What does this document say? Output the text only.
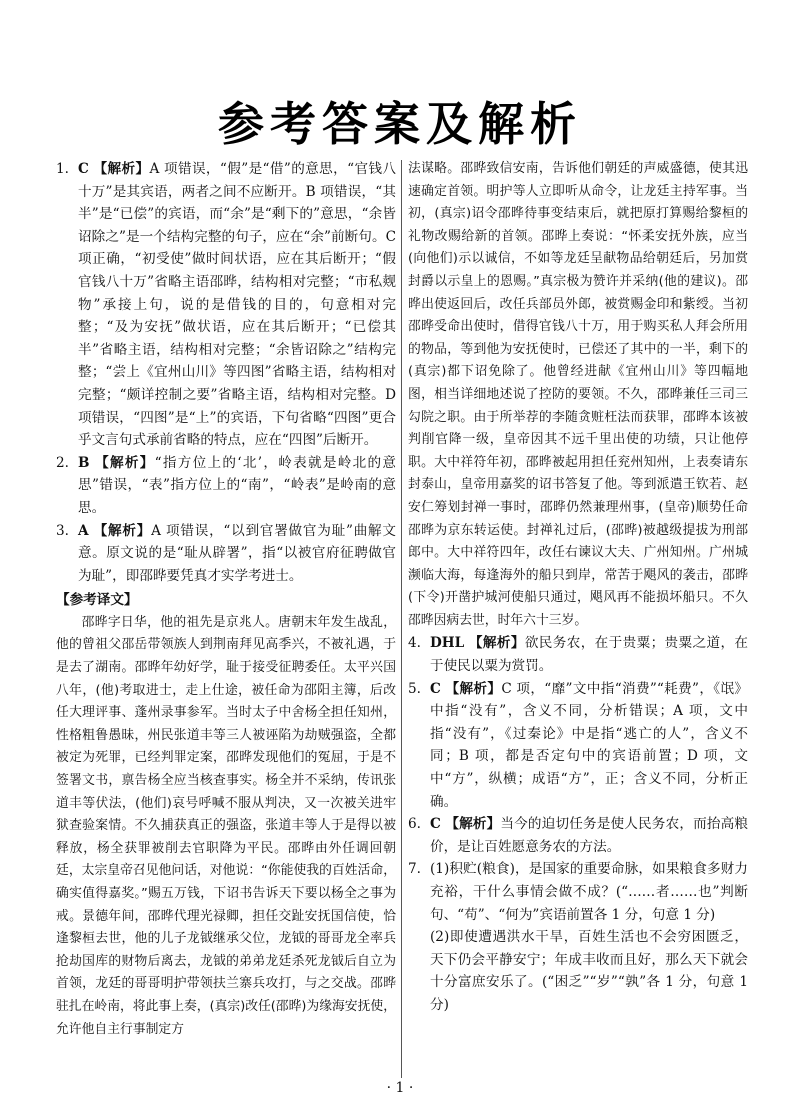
参考答案及解析
1. C 【解析】A 项错误，“假”是“借”的意思，“官钱八十万”是其宾语，两者之间不应断开。B 项错误，“其半”是“已偿”的宾语，而“余”是“剩下的”意思，“余皆诏除之”是一个结构完整的句子，应在“余”前断句。C 项正确，“初受使”做时间状语，应在其后断开；“假官钱八十万”省略主语邵晔，结构相对完整；“市私觌物”承接上句，说的是借钱的目的，句意相对完整；“及为安抚”做状语，应在其后断开；“已偿其半”省略主语，结构相对完整；“余皆诏除之”结构完整；“尝上《宜州山川》等四图”省略主语，结构相对完整；“颇详控制之要”省略主语，结构相对完整。D 项错误，“四图”是“上”的宾语，下句省略“四图”更合乎文言句式承前省略的特点，应在“四图”后断开。
2. B 【解析】“指方位上的‘北’，岭表就是岭北的意思”错误，“表”指方位上的“南”，“岭表”是岭南的意思。
3. A 【解析】A 项错误，“以到官署做官为耻”曲解文意。原文说的是“耻从辟署”，指“以被官府征聘做官为耻”，即邵晔要凭真才实学考进士。
【参考译文】

邵晔字日华，他的祖先是京兆人。唐朝末年发生战乱，他的曾祖父邵岳带领族人到荆南拜见高季兴，不被礼遇，于是去了湖南。邵晔年幼好学，耻于接受征聘委任。太平兴国八年，(他)考取进士，走上仕途，被任命为邵阳主簿，后改任大理评事、蓬州录事参军。当时太子中舍杨全担任知州，性格粗鲁愚昧，州民张道丰等三人被诬陷为劫贼强盗，全都被定为死罪，已经判罪定案，邵晔发现他们的冤屈，于是不签署文书，禀告杨全应当核查事实。杨全并不采纳，传讯张道丰等伏法，(他们)哀号呼喊不服从判决，又一次被关进牢狱查验案情。不久捕获真正的强盗，张道丰等人于是得以被释放，杨全获罪被削去官职降为平民。邵晔由外任调回朝廷，太宗皇帝召见他问话，对他说：“你能使我的百姓活命，确实值得嘉奖。”赐五万钱，下诏书告诉天下要以杨全之事为戒。景德年间，邵晔代理光禄卿，担任交趾安抚国信使，恰逢黎桓去世，他的儿子龙钺继承父位，龙钺的哥哥龙全率兵抢劫国库的财物后离去，龙钺的弟弟龙廷杀死龙钺后自立为首领，龙廷的哥哥明护带领扶兰寨兵攻打，与之交战。邵晔驻扎在岭南，将此事上奏，(真宗)改任(邵晔)为缘海安抚使，允许他自主行事制定方

法谋略。邵晔致信安南，告诉他们朝廷的声威盛德，使其迅速确定首领。明护等人立即听从命令，让龙廷主持军事。当初，(真宗)诏令邵晔待事变结束后，就把原打算赐给黎桓的礼物改赐给新的首领。邵晔上奏说：“怀柔安抚外族，应当(向他们)示以诚信，不如等龙廷呈献物品给朝廷后，另加赏封爵以示皇上的恩赐。”真宗极为赞许并采纳(他的建议)。邵晔出使返回后，改任兵部员外郎，被赏赐金印和紫绶。当初邵晔受命出使时，借得官钱八十万，用于购买私人拜会所用的物品，等到他为安抚使时，已偿还了其中的一半，剩下的(真宗)都下诏免除了。他曾经进献《宜州山川》等四幅地图，相当详细地述说了控防的要领。不久，邵晔兼任三司三勾院之职。由于所举荐的李随贪赃枉法而获罪，邵晔本该被判削官降一级，皇帝因其不远千里出使的功绩，只让他停职。大中祥符年初，邵晔被起用担任兖州知州，上表奏请东封泰山，皇帝用嘉奖的诏书答复了他。等到派遣王钦若、赵安仁筹划封禅一事时，邵晔仍然兼理州事，(皇帝)顺势任命邵晔为京东转运使。封禅礼过后，(邵晔)被越级提拔为刑部郎中。大中祥符四年，改任右谏议大夫、广州知州。广州城濒临大海，每逢海外的船只到岸，常苦于飓风的袭击，邵晔(下令)开凿护城河使船只通过，飓风再不能损坏船只。不久邵晔因病去世，时年六十三岁。

4. DHL 【解析】欲民务农，在于贵粟；贵粟之道，在于使民以粟为赏罚。
5. C 【解析】C 项，“靡”文中指“消费”“耗费”，《氓》中指“没有”，含义不同，分析错误；A 项，文中指“没有”，《过秦论》中是指“逃亡的人”，含义不同；B 项，都是否定句中的宾语前置；D 项，文中“方”，纵横；成语“方”，正；含义不同，分析正确。
6. C 【解析】当今的迫切任务是使人民务农，而抬高粮价，是让百姓愿意务农的方法。
7. (1)积贮(粮食)，是国家的重要命脉，如果粮食多财力充裕，干什么事情会做不成？(“……者……也”判断句、“苟”、“何为”宾语前置各 1 分，句意 1 分)
(2)即使遭遇洪水干旱，百姓生活也不会穷困匮乏，天下仍会平静安宁；年成丰收而且好，那么天下就会十分富庶安乐了。(“困乏”“岁”“孰”各 1 分，句意 1 分)
· 1 ·
